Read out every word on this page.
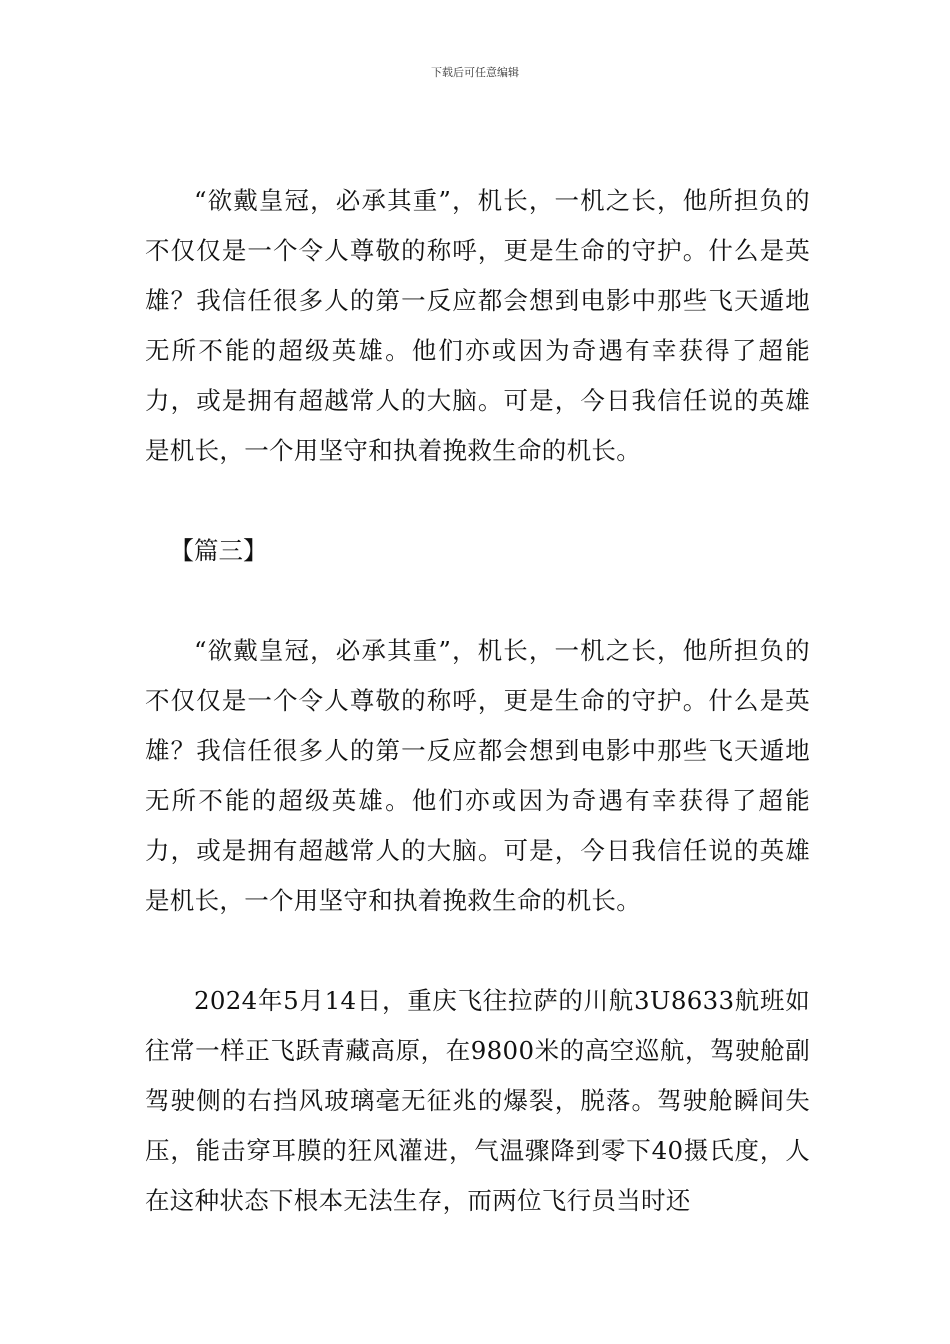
下载后可任意编辑

“欲戴皇冠，必承其重”，机长，一机之长，他所担负的不仅仅是一个令人尊敬的称呼，更是生命的守护。什么是英雄？我信任很多人的第一反应都会想到电影中那些飞天遁地无所不能的超级英雄。他们亦或因为奇遇有幸获得了超能力，或是拥有超越常人的大脑。可是，今日我信任说的英雄是机长，一个用坚守和执着挽救生命的机长。

【篇三】

“欲戴皇冠，必承其重”，机长，一机之长，他所担负的不仅仅是一个令人尊敬的称呼，更是生命的守护。什么是英雄？我信任很多人的第一反应都会想到电影中那些飞天遁地无所不能的超级英雄。他们亦或因为奇遇有幸获得了超能力，或是拥有超越常人的大脑。可是，今日我信任说的英雄是机长，一个用坚守和执着挽救生命的机长。

2024年5月14日，重庆飞往拉萨的川航3U8633航班如往常一样正飞跃青藏高原，在9800米的高空巡航，驾驶舱副驾驶侧的右挡风玻璃毫无征兆的爆裂，脱落。驾驶舱瞬间失压，能击穿耳膜的狂风灌进，气温骤降到零下40摄氏度，人在这种状态下根本无法生存，而两位飞行员当时还
